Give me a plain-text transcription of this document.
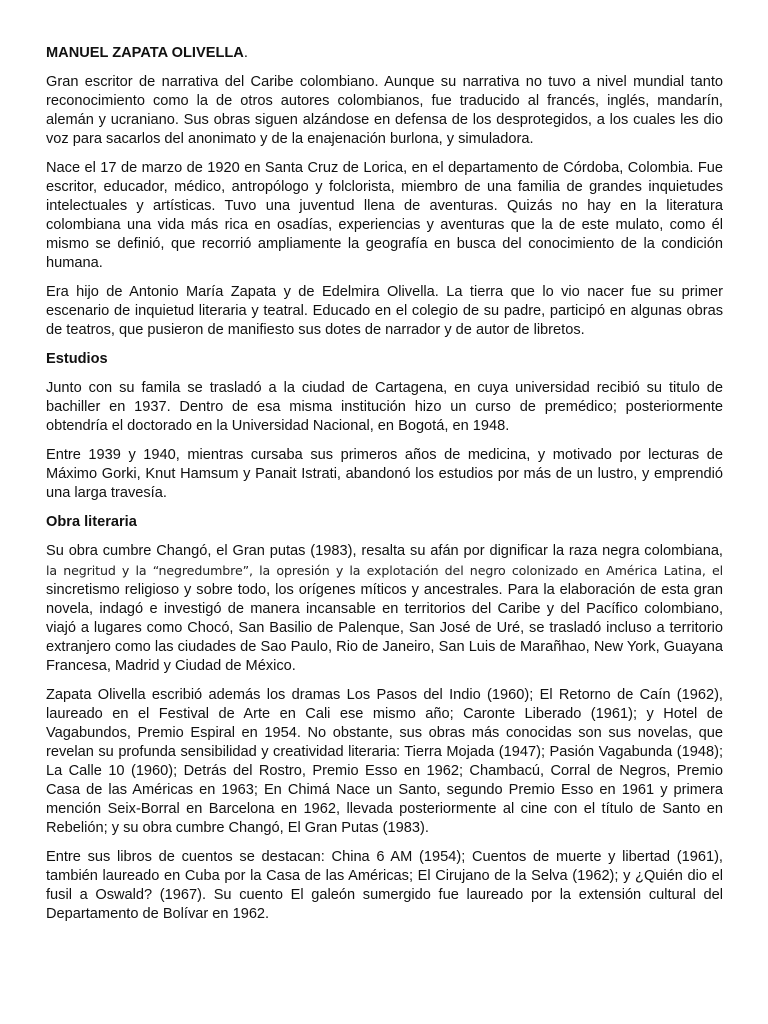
MANUEL ZAPATA OLIVELLA.

Gran escritor de narrativa del Caribe colombiano. Aunque su narrativa no tuvo a nivel mundial tanto reconocimiento como la de otros autores colombianos, fue traducido al francés, inglés, mandarín, alemán y ucraniano. Sus obras siguen alzándose en defensa de los desprotegidos, a los cuales les dio voz para sacarlos del anonimato y de la enajenación burlona, y simuladora.

Nace el 17 de marzo de 1920 en Santa Cruz de Lorica, en el departamento de Córdoba, Colombia. Fue escritor, educador, médico, antropólogo y folclorista, miembro de una familia de grandes inquietudes intelectuales y artísticas. Tuvo una juventud llena de aventuras. Quizás no hay en la literatura colombiana una vida más rica en osadías, experiencias y aventuras que la de este mulato, como él mismo se definió, que recorrió ampliamente la geografía en busca del conocimiento de la condición humana.

Era hijo de Antonio María Zapata y de Edelmira Olivella. La tierra que lo vio nacer fue su primer escenario de inquietud literaria y teatral. Educado en el colegio de su padre, participó en algunas obras de teatros, que pusieron de manifiesto sus dotes de narrador y de autor de libretos.

Estudios

Junto con su famila se trasladó a la ciudad de Cartagena, en cuya universidad recibió su titulo de bachiller en 1937. Dentro de esa misma institución hizo un curso de premédico; posteriormente obtendría el doctorado en la Universidad Nacional, en Bogotá, en 1948.

Entre 1939 y 1940, mientras cursaba sus primeros años de medicina, y motivado por lecturas de Máximo Gorki, Knut Hamsum y Panait Istrati, abandonó los estudios por más de un lustro, y emprendió una larga travesía.

Obra literaria

Su obra cumbre Changó, el Gran putas (1983), resalta su afán por dignificar la raza negra colombiana, la negritud y la “negredumbre”, la opresión y la explotación del negro colonizado en América Latina, el sincretismo religioso y sobre todo, los orígenes míticos y ancestrales. Para la elaboración de esta gran novela, indagó e investigó de manera incansable en territorios del Caribe y del Pacífico colombiano, viajó a lugares como Chocó, San Basilio de Palenque, San José de Uré, se trasladó incluso a territorio extranjero como las ciudades de Sao Paulo, Rio de Janeiro, San Luis de Marañhao, New York, Guayana Francesa, Madrid y Ciudad de México.

Zapata Olivella escribió además los dramas Los Pasos del Indio (1960); El Retorno de Caín (1962), laureado en el Festival de Arte en Cali ese mismo año; Caronte Liberado (1961); y Hotel de Vagabundos, Premio Espiral en 1954. No obstante, sus obras más conocidas son sus novelas, que revelan su profunda sensibilidad y creatividad literaria: Tierra Mojada (1947); Pasión Vagabunda (1948); La Calle 10 (1960); Detrás del Rostro, Premio Esso en 1962; Chambacú, Corral de Negros, Premio Casa de las Américas en 1963; En Chimá Nace un Santo, segundo Premio Esso en 1961 y primera mención Seix-Borral en Barcelona en 1962, llevada posteriormente al cine con el título de Santo en Rebelión; y su obra cumbre Changó, El Gran Putas (1983).

Entre sus libros de cuentos se destacan: China 6 AM (1954); Cuentos de muerte y libertad (1961), también laureado en Cuba por la Casa de las Américas; El Cirujano de la Selva (1962); y ¿Quién dio el fusil a Oswald? (1967). Su cuento El galeón sumergido fue laureado por la extensión cultural del Departamento de Bolívar en 1962.
